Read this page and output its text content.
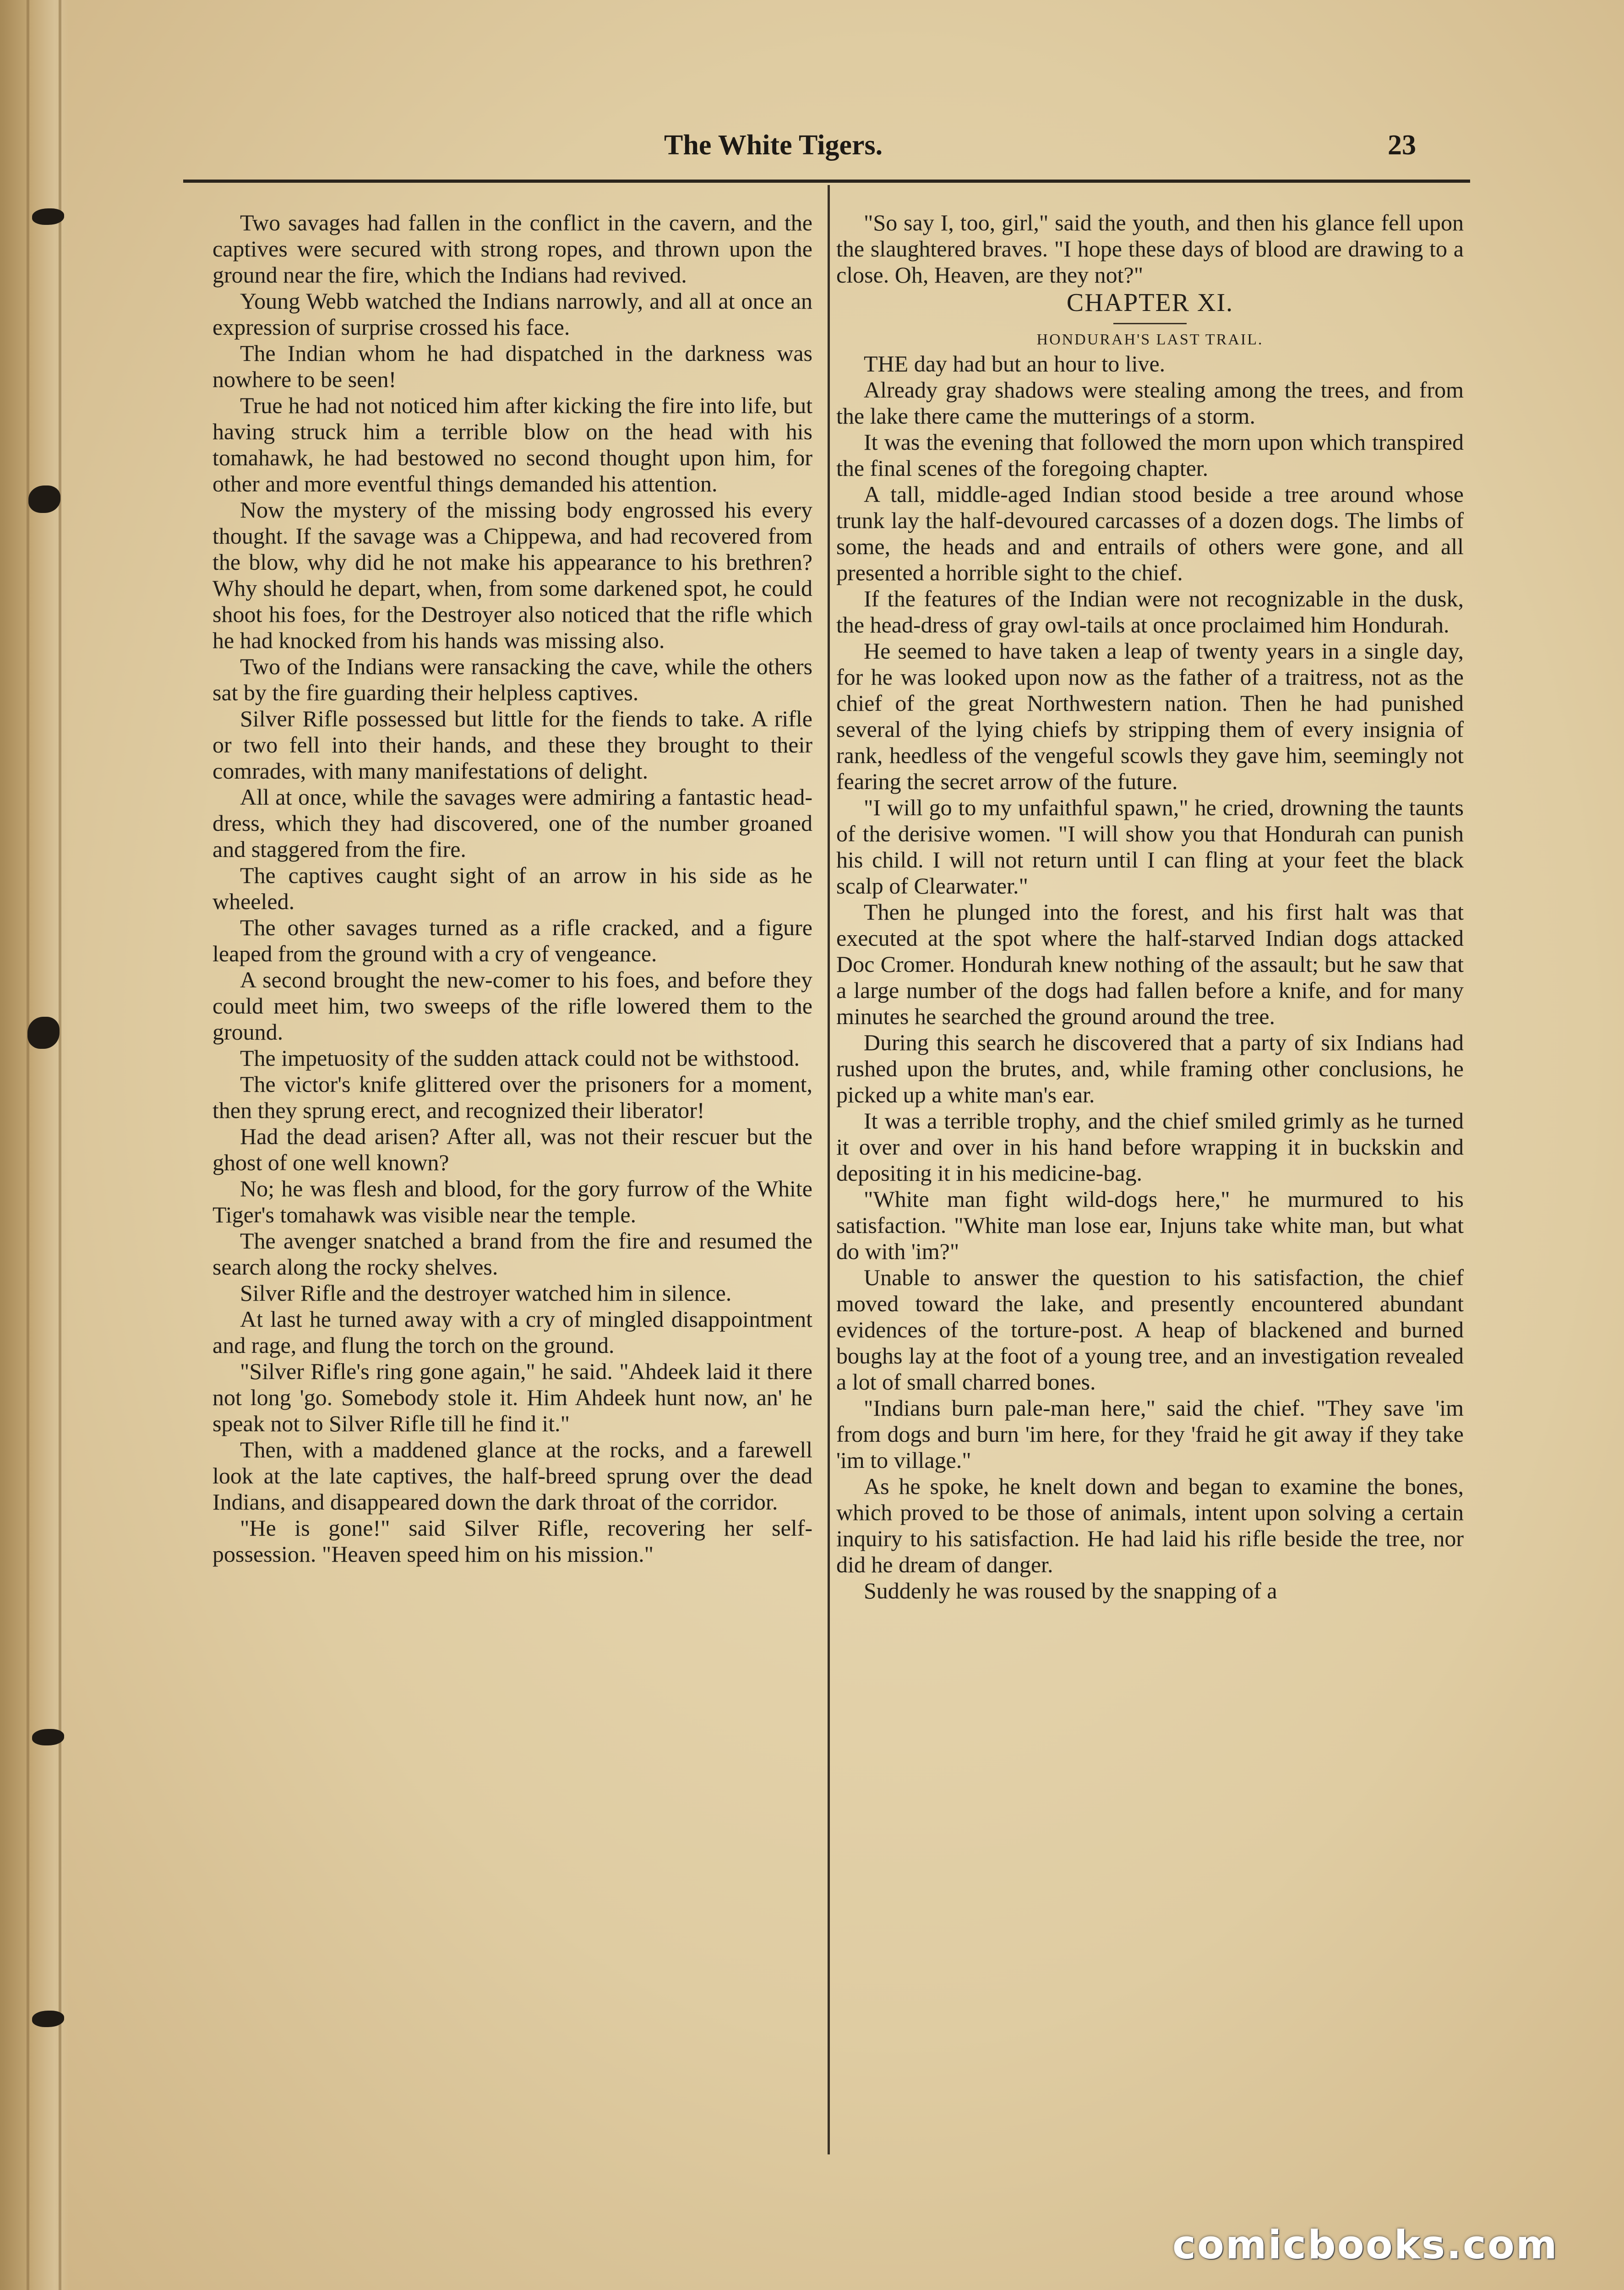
The White Tigers.	23

Two savages had fallen in the conflict in the cavern, and the captives were secured with strong ropes, and thrown upon the ground near the fire, which the Indians had revived.

Young Webb watched the Indians narrowly, and all at once an expression of surprise crossed his face.

The Indian whom he had dispatched in the darkness was nowhere to be seen!

True he had not noticed him after kicking the fire into life, but having struck him a terrible blow on the head with his tomahawk, he had bestowed no second thought upon him, for other and more eventful things demanded his attention.

Now the mystery of the missing body engrossed his every thought. If the savage was a Chippewa, and had recovered from the blow, why did he not make his appearance to his brethren? Why should he depart, when, from some darkened spot, he could shoot his foes, for the Destroyer also noticed that the rifle which he had knocked from his hands was missing also.

Two of the Indians were ransacking the cave, while the others sat by the fire guarding their helpless captives.

Silver Rifle possessed but little for the fiends to take. A rifle or two fell into their hands, and these they brought to their comrades, with many manifestations of delight.

All at once, while the savages were admiring a fantastic head-dress, which they had discovered, one of the number groaned and staggered from the fire.

The captives caught sight of an arrow in his side as he wheeled.

The other savages turned as a rifle cracked, and a figure leaped from the ground with a cry of vengeance.

A second brought the new-comer to his foes, and before they could meet him, two sweeps of the rifle lowered them to the ground.

The impetuosity of the sudden attack could not be withstood.

The victor's knife glittered over the prisoners for a moment, then they sprung erect, and recognized their liberator!

Had the dead arisen? After all, was not their rescuer but the ghost of one well known?

No; he was flesh and blood, for the gory furrow of the White Tiger's tomahawk was visible near the temple.

The avenger snatched a brand from the fire and resumed the search along the rocky shelves.

Silver Rifle and the destroyer watched him in silence.

At last he turned away with a cry of mingled disappointment and rage, and flung the torch on the ground.

"Silver Rifle's ring gone again," he said. "Ahdeek laid it there not long 'go. Somebody stole it. Him Ahdeek hunt now, an' he speak not to Silver Rifle till he find it."

Then, with a maddened glance at the rocks, and a farewell look at the late captives, the half-breed sprung over the dead Indians, and disappeared down the dark throat of the corridor.

"He is gone!" said Silver Rifle, recovering her self-possession. "Heaven speed him on his mission."

"So say I, too, girl," said the youth, and then his glance fell upon the slaughtered braves. "I hope these days of blood are drawing to a close. Oh, Heaven, are they not?"

CHAPTER XI.

HONDURAH'S LAST TRAIL.

THE day had but an hour to live.

Already gray shadows were stealing among the trees, and from the lake there came the mutterings of a storm.

It was the evening that followed the morn upon which transpired the final scenes of the foregoing chapter.

A tall, middle-aged Indian stood beside a tree around whose trunk lay the half-devoured carcasses of a dozen dogs. The limbs of some, the heads and and entrails of others were gone, and all presented a horrible sight to the chief.

If the features of the Indian were not recognizable in the dusk, the head-dress of gray owl-tails at once proclaimed him Hondurah.

He seemed to have taken a leap of twenty years in a single day, for he was looked upon now as the father of a traitress, not as the chief of the great Northwestern nation. Then he had punished several of the lying chiefs by stripping them of every insignia of rank, heedless of the vengeful scowls they gave him, seemingly not fearing the secret arrow of the future.

"I will go to my unfaithful spawn," he cried, drowning the taunts of the derisive women. "I will show you that Hondurah can punish his child. I will not return until I can fling at your feet the black scalp of Clearwater."

Then he plunged into the forest, and his first halt was that executed at the spot where the half-starved Indian dogs attacked Doc Cromer. Hondurah knew nothing of the assault; but he saw that a large number of the dogs had fallen before a knife, and for many minutes he searched the ground around the tree.

During this search he discovered that a party of six Indians had rushed upon the brutes, and, while framing other conclusions, he picked up a white man's ear.

It was a terrible trophy, and the chief smiled grimly as he turned it over and over in his hand before wrapping it in buckskin and depositing it in his medicine-bag.

"White man fight wild-dogs here," he murmured to his satisfaction. "White man lose ear, Injuns take white man, but what do with 'im?"

Unable to answer the question to his satisfaction, the chief moved toward the lake, and presently encountered abundant evidences of the torture-post. A heap of blackened and burned boughs lay at the foot of a young tree, and an investigation revealed a lot of small charred bones.

"Indians burn pale-man here," said the chief. "They save 'im from dogs and burn 'im here, for they 'fraid he git away if they take 'im to village."

As he spoke, he knelt down and began to examine the bones, which proved to be those of animals, intent upon solving a certain inquiry to his satisfaction. He had laid his rifle beside the tree, nor did he dream of danger.

Suddenly he was roused by the snapping of a

comicbooks.com
